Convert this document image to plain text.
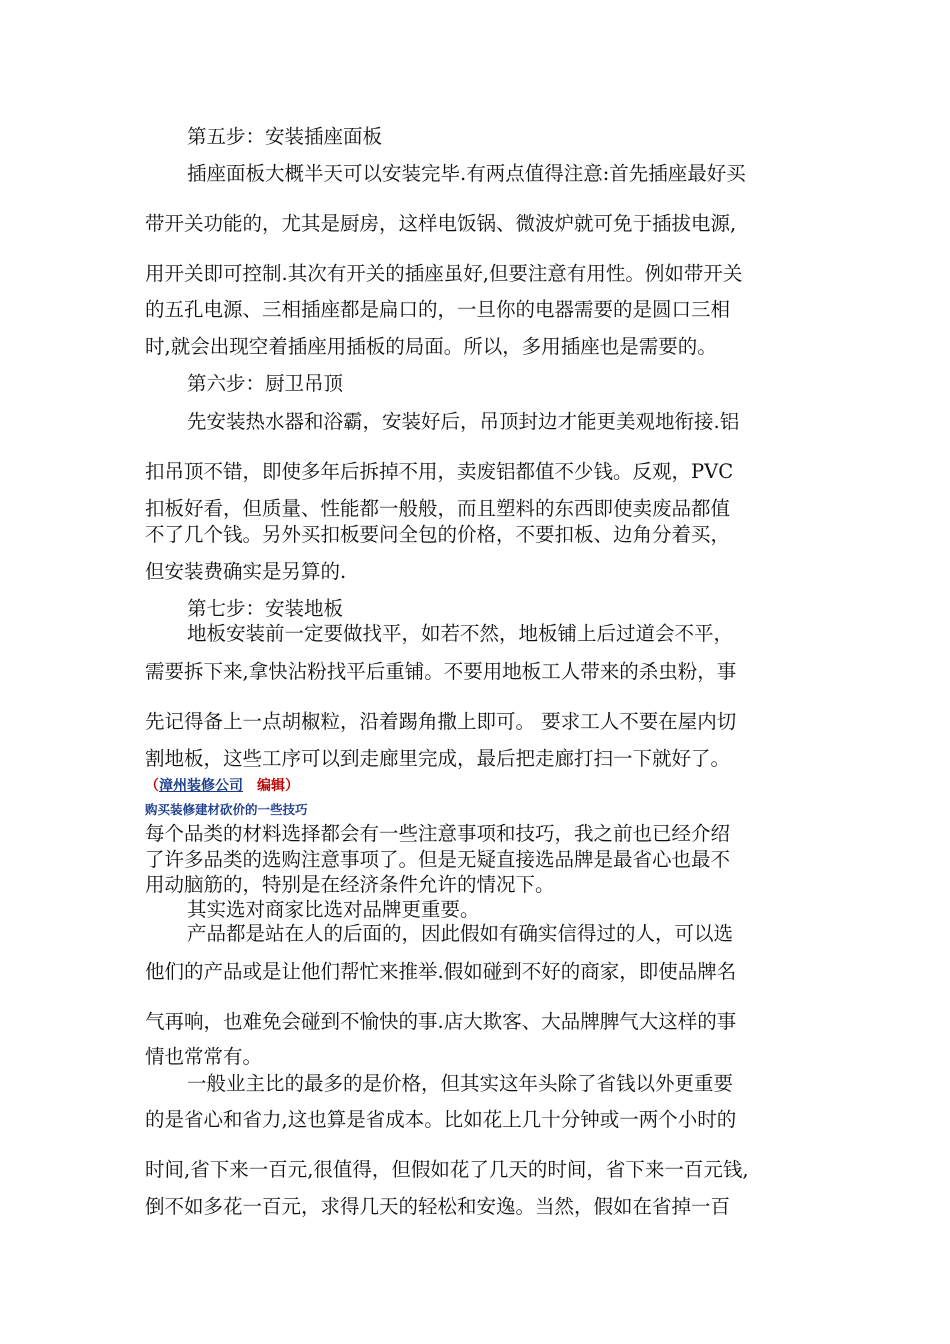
第五步：安装插座面板
插座面板大概半天可以安装完毕.有两点值得注意:首先插座最好买
带开关功能的，尤其是厨房，这样电饭锅、微波炉就可免于插拔电源,
用开关即可控制.其次有开关的插座虽好,但要注意有用性。例如带开关
的五孔电源、三相插座都是扁口的，一旦你的电器需要的是圆口三相
时,就会出现空着插座用插板的局面。所以，多用插座也是需要的。
第六步：厨卫吊顶
先安装热水器和浴霸，安装好后，吊顶封边才能更美观地衔接.铝
扣吊顶不错，即使多年后拆掉不用，卖废铝都值不少钱。反观，PVC
扣板好看，但质量、性能都一般般，而且塑料的东西即使卖废品都值
不了几个钱。另外买扣板要问全包的价格，不要扣板、边角分着买，
但安装费确实是另算的.
第七步：安装地板
地板安装前一定要做找平，如若不然，地板铺上后过道会不平，
需要拆下来,拿快沾粉找平后重铺。不要用地板工人带来的杀虫粉，事
先记得备上一点胡椒粒，沿着踢角撒上即可。 要求工人不要在屋内切
割地板，这些工序可以到走廊里完成，最后把走廊打扫一下就好了。
（漳州装修公司 编辑）
购买装修建材砍价的一些技巧
每个品类的材料选择都会有一些注意事项和技巧，我之前也已经介绍
了许多品类的选购注意事项了。但是无疑直接选品牌是最省心也最不
用动脑筋的，特别是在经济条件允许的情况下。
其实选对商家比选对品牌更重要。
产品都是站在人的后面的，因此假如有确实信得过的人，可以选
他们的产品或是让他们帮忙来推举.假如碰到不好的商家，即使品牌名
气再响，也难免会碰到不愉快的事.店大欺客、大品牌脾气大这样的事
情也常常有。
一般业主比的最多的是价格，但其实这年头除了省钱以外更重要
的是省心和省力,这也算是省成本。比如花上几十分钟或一两个小时的
时间,省下来一百元,很值得，但假如花了几天的时间，省下来一百元钱,
倒不如多花一百元，求得几天的轻松和安逸。当然，假如在省掉一百
